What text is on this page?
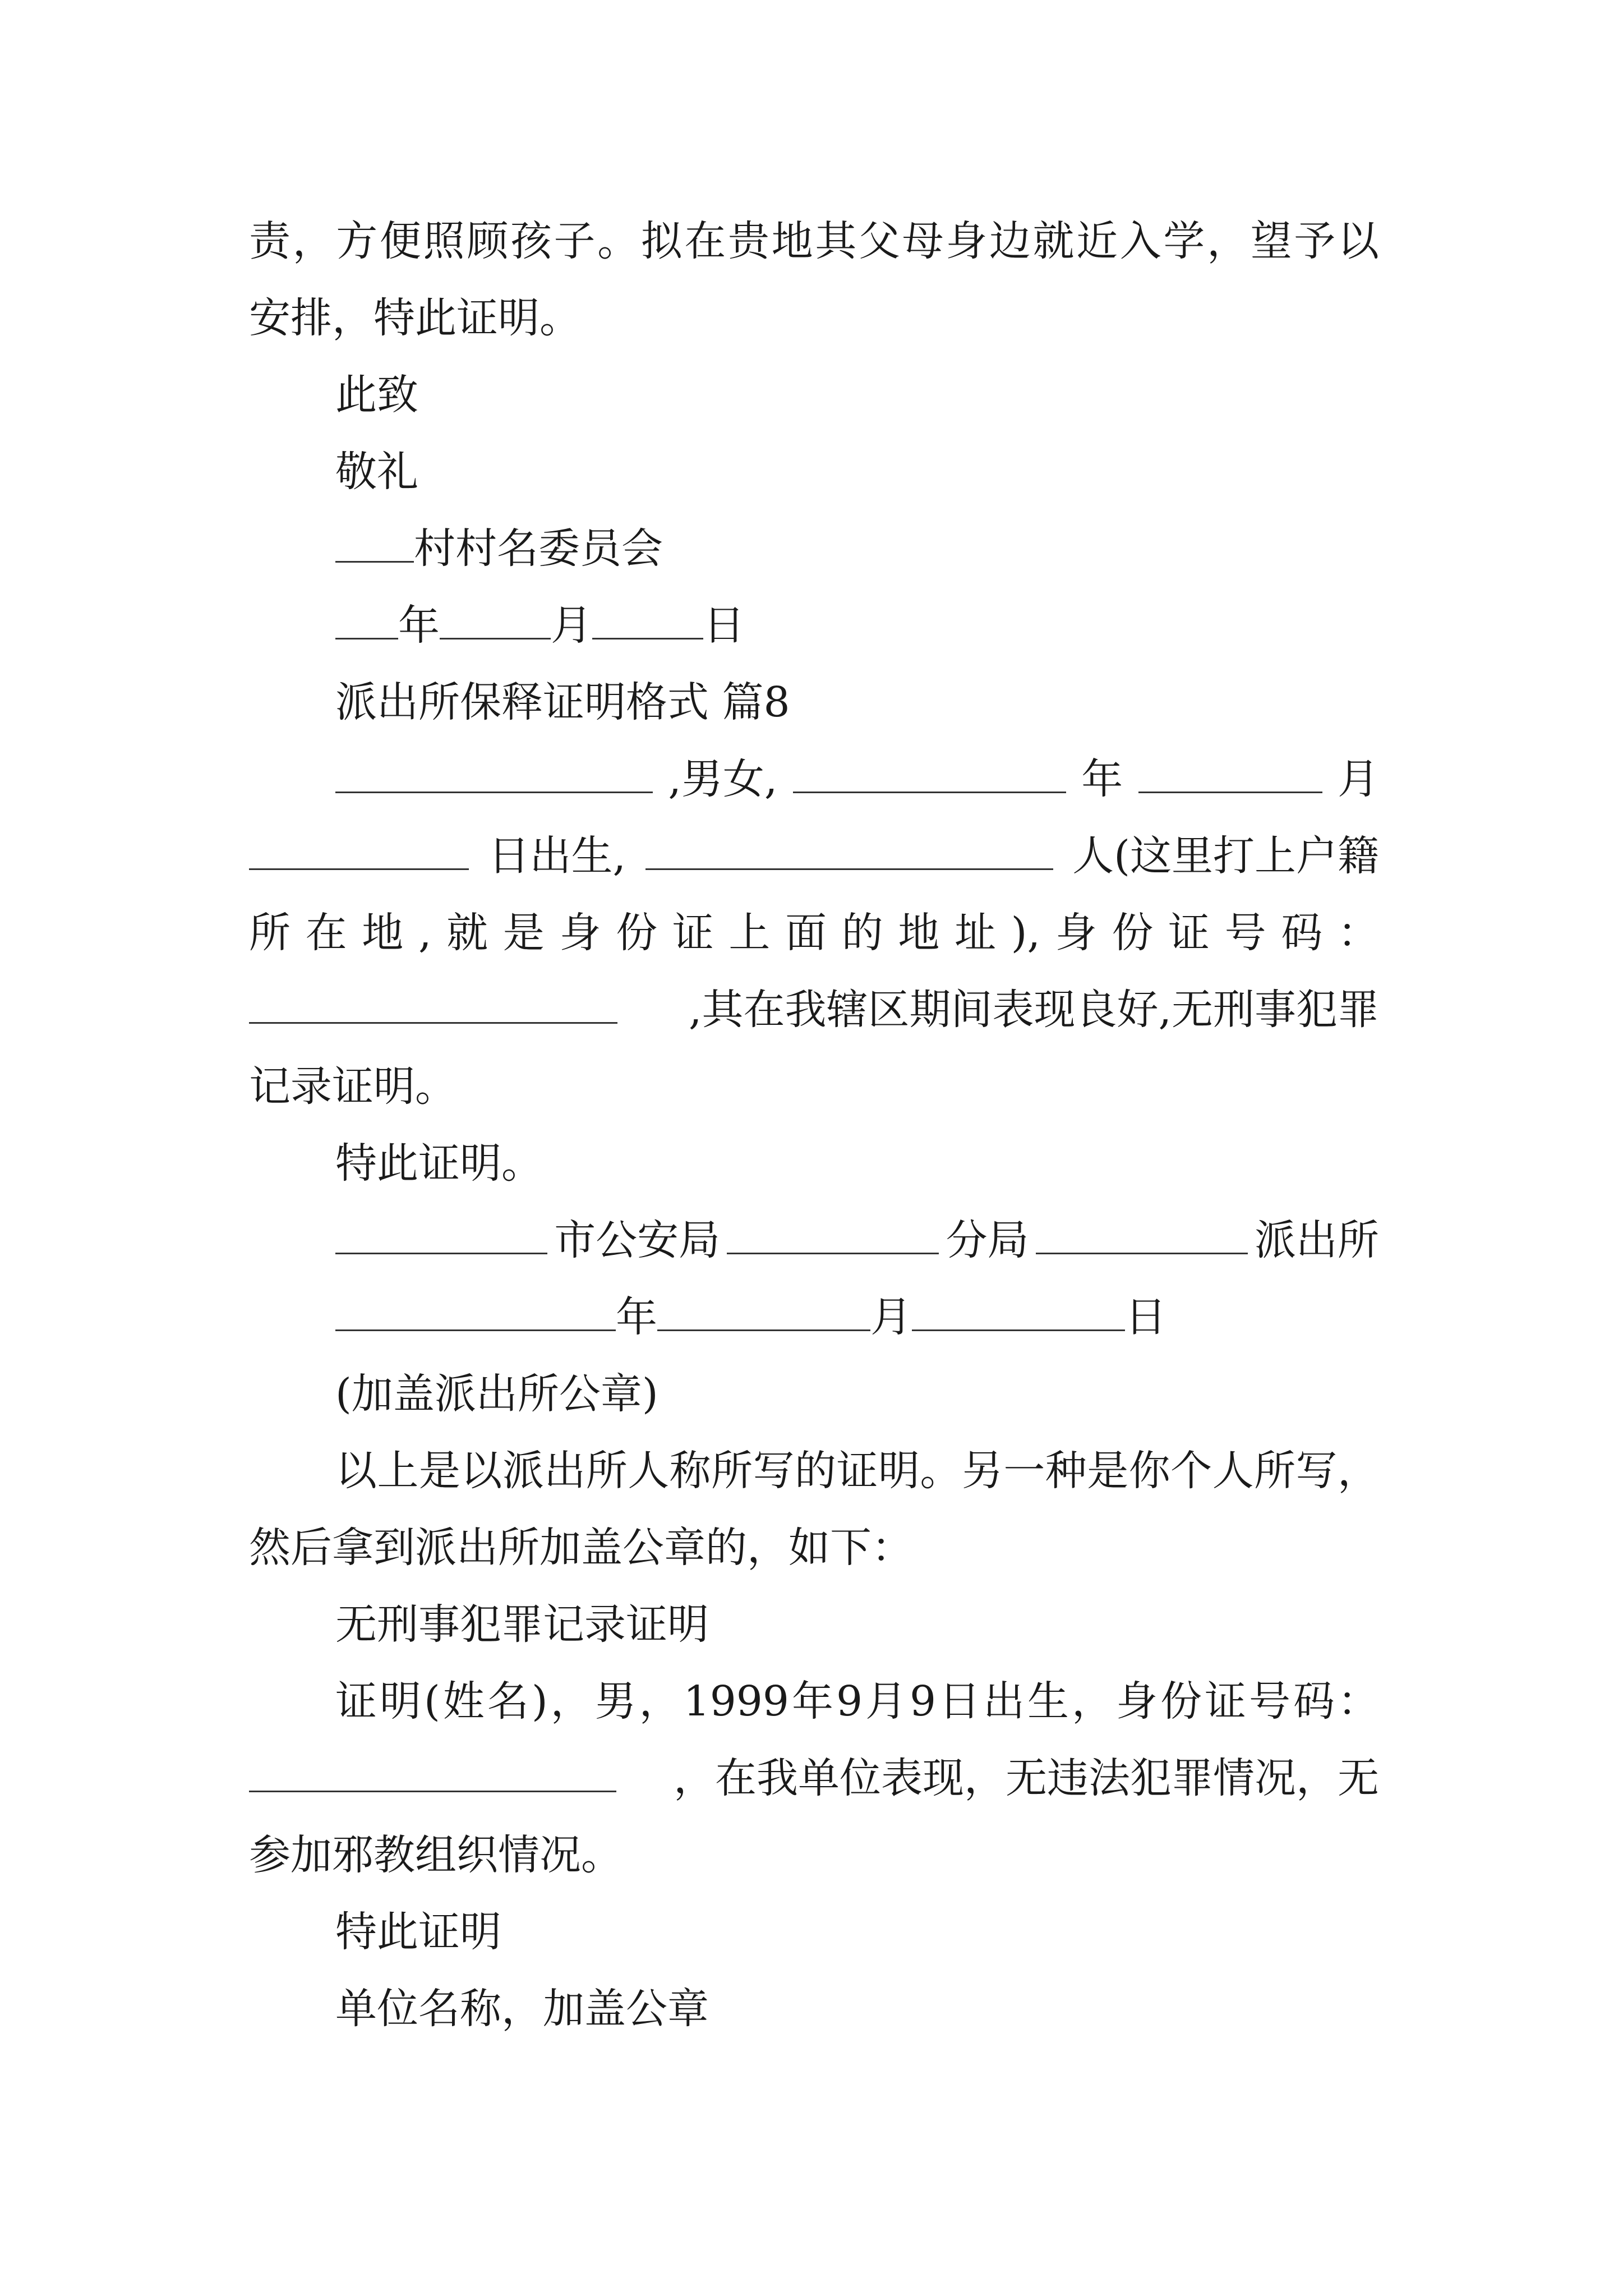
责，方便照顾孩子。拟在贵地其父母身边就近入学，望予以
安排，特此证明。
此致
敬礼
村村名委员会
年	月	日
派出所保释证明格式 篇8
,男女,	年	月
日出生,	人(这里打上户籍
所在地,就是身份证上面的地址),身份证号码：
,其在我辖区期间表现良好,无刑事犯罪
记录证明。
特此证明。
市公安局	分局	派出所
年	月	日
(加盖派出所公章)
以上是以派出所人称所写的证明。另一种是你个人所写，
然后拿到派出所加盖公章的，如下：
无刑事犯罪记录证明
证明(姓名)，男，1999年9月9日出生，身份证号码：
，在我单位表现，无违法犯罪情况，无
参加邪教组织情况。
特此证明
单位名称，加盖公章
